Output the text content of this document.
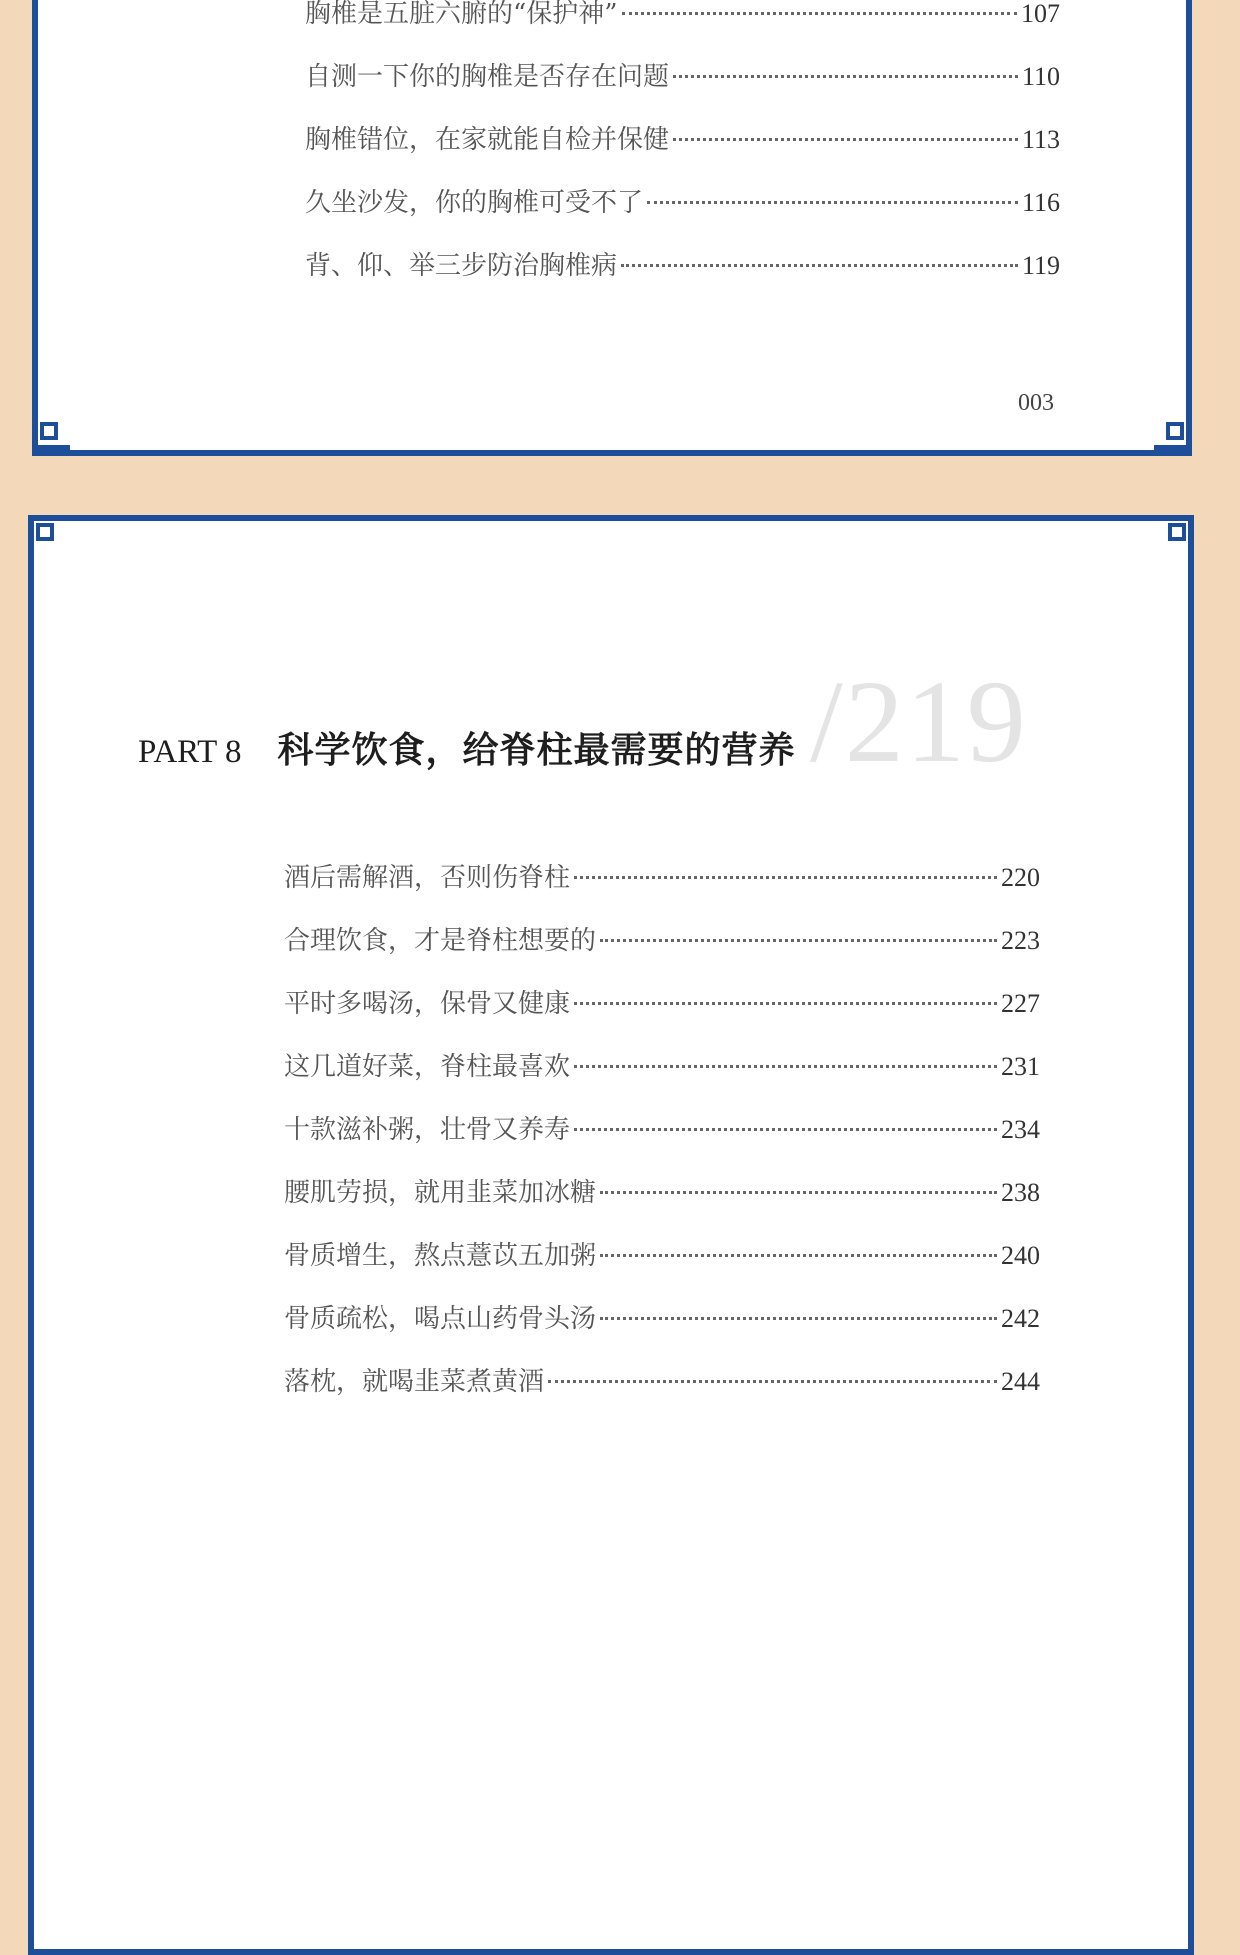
胸椎是五脏六腑的“保护神”	107
自测一下你的胸椎是否存在问题	110
胸椎错位，在家就能自检并保健	113
久坐沙发，你的胸椎可受不了	116
背、仰、举三步防治胸椎病	119
003
/219
PART 8 科学饮食，给脊柱最需要的营养
酒后需解酒，否则伤脊柱	220
合理饮食，才是脊柱想要的	223
平时多喝汤，保骨又健康	227
这几道好菜，脊柱最喜欢	231
十款滋补粥，壮骨又养寿	234
腰肌劳损，就用韭菜加冰糖	238
骨质增生，熬点薏苡五加粥	240
骨质疏松，喝点山药骨头汤	242
落枕，就喝韭菜煮黄酒	244
